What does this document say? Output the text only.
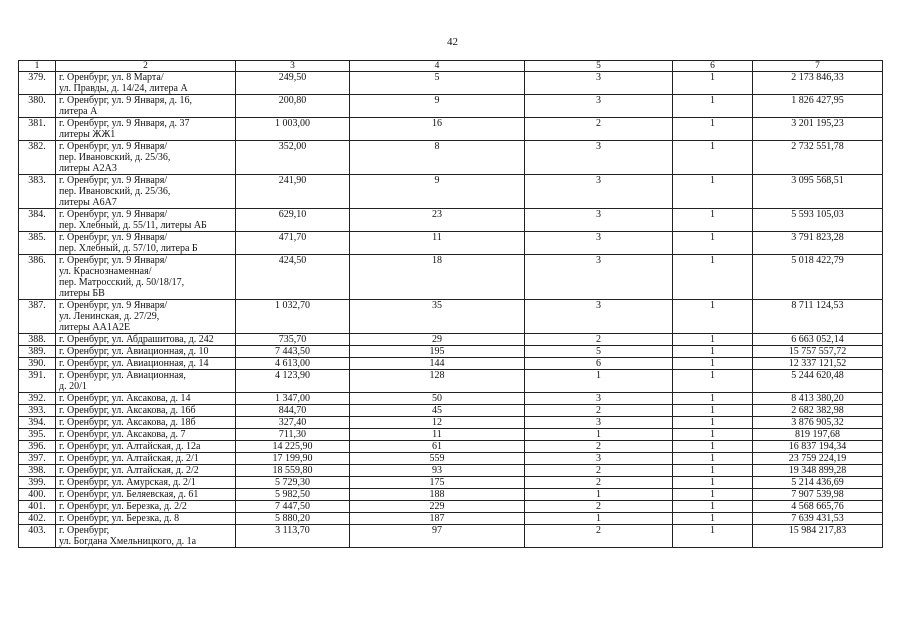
42
1	2	3	4	5	6	7
379.	г. Оренбург, ул. 8 Марта/
ул. Правды, д. 14/24, литера А	249,50	5	3	1	2 173 846,33
380.	г. Оренбург, ул. 9 Января, д. 16,
литера А	200,80	9	3	1	1 826 427,95
381.	г. Оренбург, ул. 9 Января, д. 37
литеры ЖЖ1	1 003,00	16	2	1	3 201 195,23
382.	г. Оренбург, ул. 9 Января/
пер. Ивановский, д. 25/36,
литеры А2А3	352,00	8	3	1	2 732 551,78
383.	г. Оренбург, ул. 9 Января/
пер. Ивановский, д. 25/36,
литеры А6А7	241,90	9	3	1	3 095 568,51
384.	г. Оренбург, ул. 9 Января/
пер. Хлебный, д. 55/11, литеры АБ	629,10	23	3	1	5 593 105,03
385.	г. Оренбург, ул. 9 Января/
пер. Хлебный, д. 57/10, литера Б	471,70	11	3	1	3 791 823,28
386.	г. Оренбург, ул. 9 Января/
ул. Краснознаменная/
пер. Матросский, д. 50/18/17,
литеры БВ	424,50	18	3	1	5 018 422,79
387.	г. Оренбург, ул. 9 Января/
ул. Ленинская, д. 27/29,
литеры АА1А2Е	1 032,70	35	3	1	8 711 124,53
388.	г. Оренбург, ул. Абдрашитова, д. 242	735,70	29	2	1	6 663 052,14
389.	г. Оренбург, ул. Авиационная, д. 10	7 443,50	195	5	1	15 757 557,72
390.	г. Оренбург, ул. Авиационная, д. 14	4 613,00	144	6	1	12 337 121,52
391.	г. Оренбург, ул. Авиационная,
д. 20/1	4 123,90	128	1	1	5 244 620,48
392.	г. Оренбург, ул. Аксакова, д. 14	1 347,00	50	3	1	8 413 380,20
393.	г. Оренбург, ул. Аксакова, д. 16б	844,70	45	2	1	2 682 382,98
394.	г. Оренбург, ул. Аксакова, д. 18б	327,40	12	3	1	3 876 905,32
395.	г. Оренбург, ул. Аксакова, д. 7	711,30	11	1	1	819 197,68
396.	г. Оренбург, ул. Алтайская, д. 12а	14 225,90	61	2	1	16 837 194,34
397.	г. Оренбург, ул. Алтайская, д. 2/1	17 199,90	559	3	1	23 759 224,19
398.	г. Оренбург, ул. Алтайская, д. 2/2	18 559,80	93	2	1	19 348 899,28
399.	г. Оренбург, ул. Амурская, д. 2/1	5 729,30	175	2	1	5 214 436,69
400.	г. Оренбург, ул. Беляевская, д. 61	5 982,50	188	1	1	7 907 539,98
401.	г. Оренбург, ул. Березка, д. 2/2	7 447,50	229	2	1	4 568 665,76
402.	г. Оренбург, ул. Березка, д. 8	5 880,20	187	1	1	7 639 431,53
403.	г. Оренбург,
ул. Богдана Хмельницкого, д. 1а	3 113,70	97	2	1	15 984 217,83
